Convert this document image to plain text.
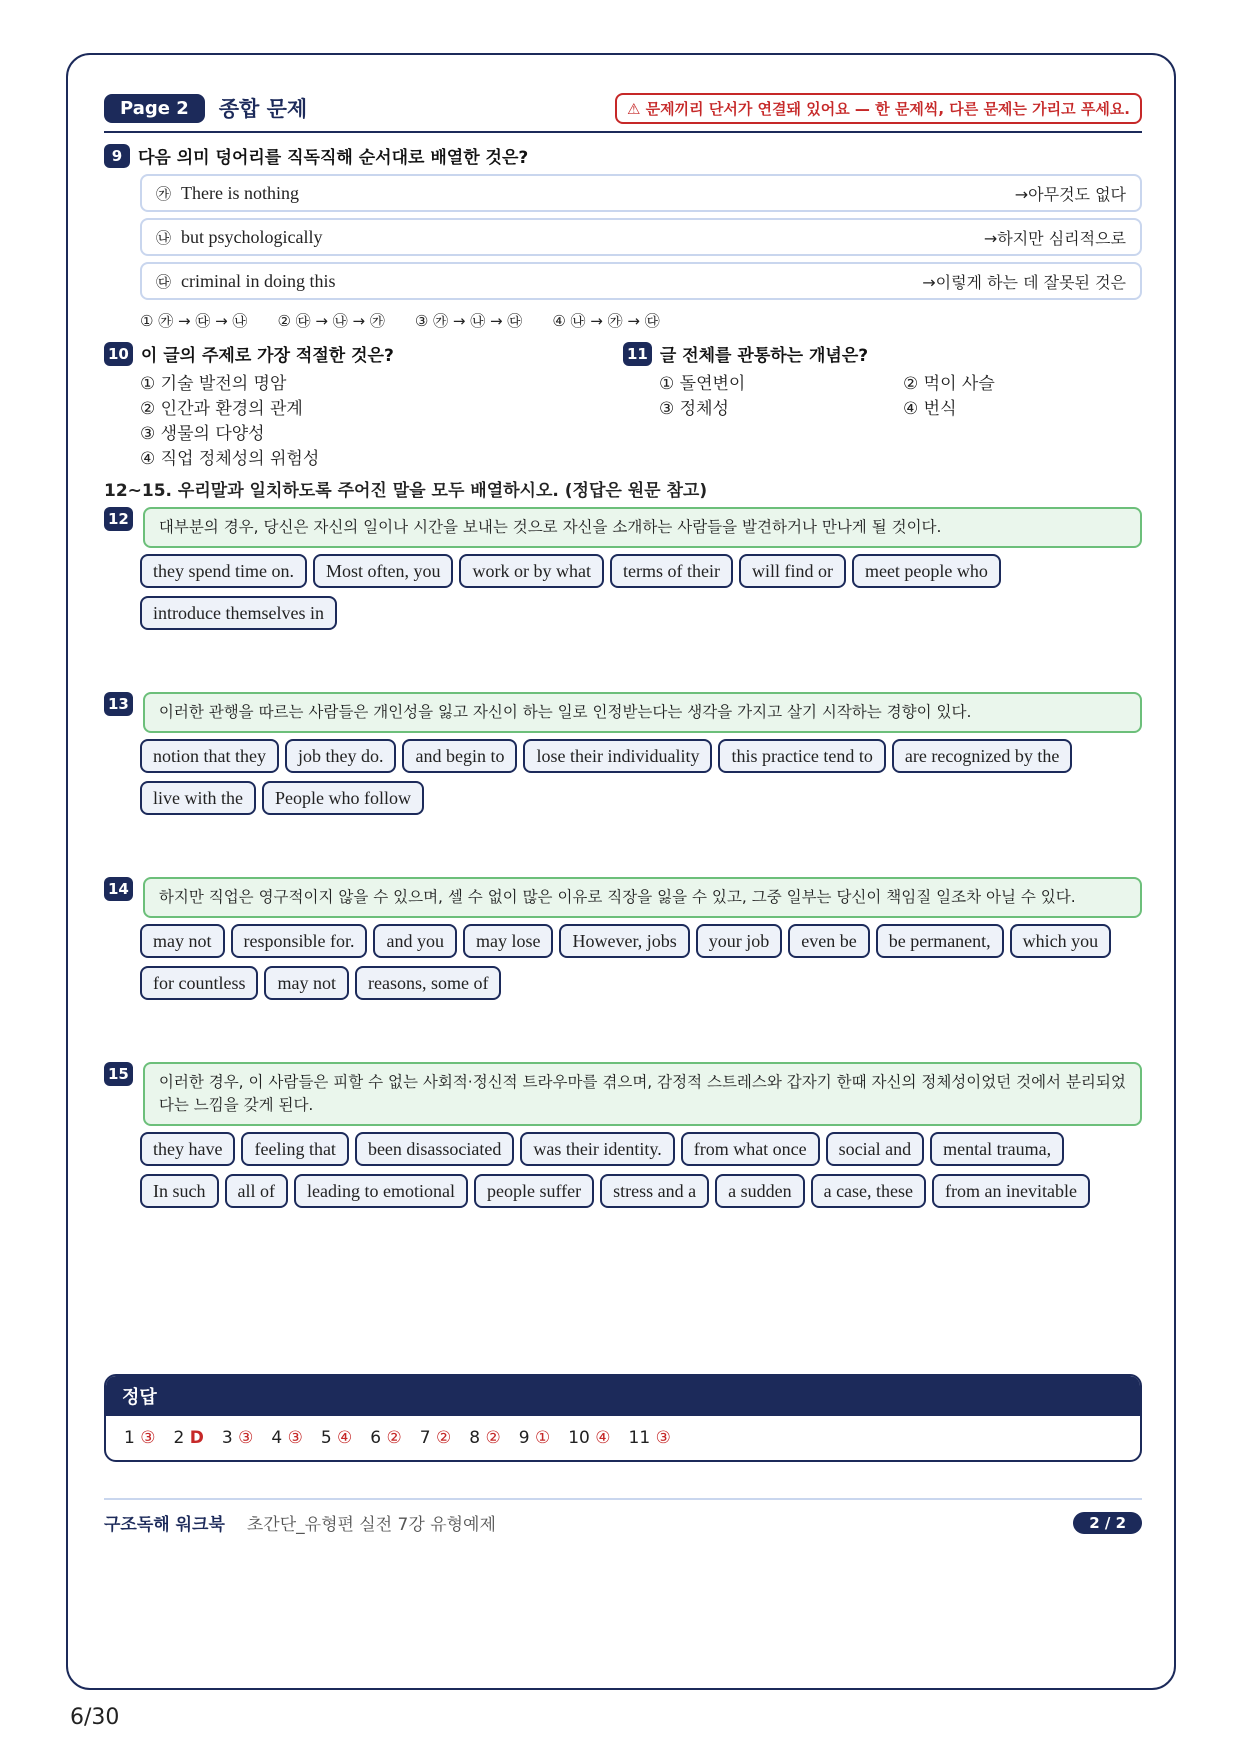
Page 2	종합 문제	⚠ 문제끼리 단서가 연결돼 있어요 — 한 문제씩, 다른 문제는 가리고 푸세요.
9 다음 의미 덩어리를 직독직해 순서대로 배열한 것은?
㉮ There is nothing	→아무것도 없다
㉯ but psychologically	→하지만 심리적으로
㉰ criminal in doing this	→이렇게 하는 데 잘못된 것은
① ㉮ → ㉰ → ㉯ ② ㉰ → ㉯ → ㉮ ③ ㉮ → ㉯ → ㉰ ④ ㉯ → ㉮ → ㉰
10 이 글의 주제로 가장 적절한 것은?
① 기술 발전의 명암
② 인간과 환경의 관계
③ 생물의 다양성
④ 직업 정체성의 위험성
11 글 전체를 관통하는 개념은?
① 돌연변이	② 먹이 사슬
③ 정체성	④ 번식
12~15. 우리말과 일치하도록 주어진 말을 모두 배열하시오. (정답은 원문 참고)
12	대부분의 경우, 당신은 자신의 일이나 시간을 보내는 것으로 자신을 소개하는 사람들을 발견하거나 만나게 될 것이다.
they spend time on.	Most often, you	work or by what	terms of their	will find or	meet people who
introduce themselves in
13	이러한 관행을 따르는 사람들은 개인성을 잃고 자신이 하는 일로 인정받는다는 생각을 가지고 살기 시작하는 경향이 있다.
notion that they	job they do.	and begin to	lose their individuality	this practice tend to	are recognized by the
live with the	People who follow
14	하지만 직업은 영구적이지 않을 수 있으며, 셀 수 없이 많은 이유로 직장을 잃을 수 있고, 그중 일부는 당신이 책임질 일조차 아닐 수 있다.
may not	responsible for.	and you	may lose	However, jobs	your job	even be	be permanent,	which you
for countless	may not	reasons, some of
15	이러한 경우, 이 사람들은 피할 수 없는 사회적·정신적 트라우마를 겪으며, 감정적 스트레스와 갑자기 한때 자신의 정체성이었던 것에서 분리되었다는 느낌을 갖게 된다.
they have	feeling that	been disassociated	was their identity.	from what once	social and	mental trauma,
In such	all of	leading to emotional	people suffer	stress and a	a sudden	a case, these	from an inevitable
정답
1 ③ 2 D 3 ③ 4 ③ 5 ④ 6 ② 7 ② 8 ② 9 ① 10 ④ 11 ③
구조독해 워크북 초간단_유형편 실전 7강 유형예제	2 / 2
6/30
